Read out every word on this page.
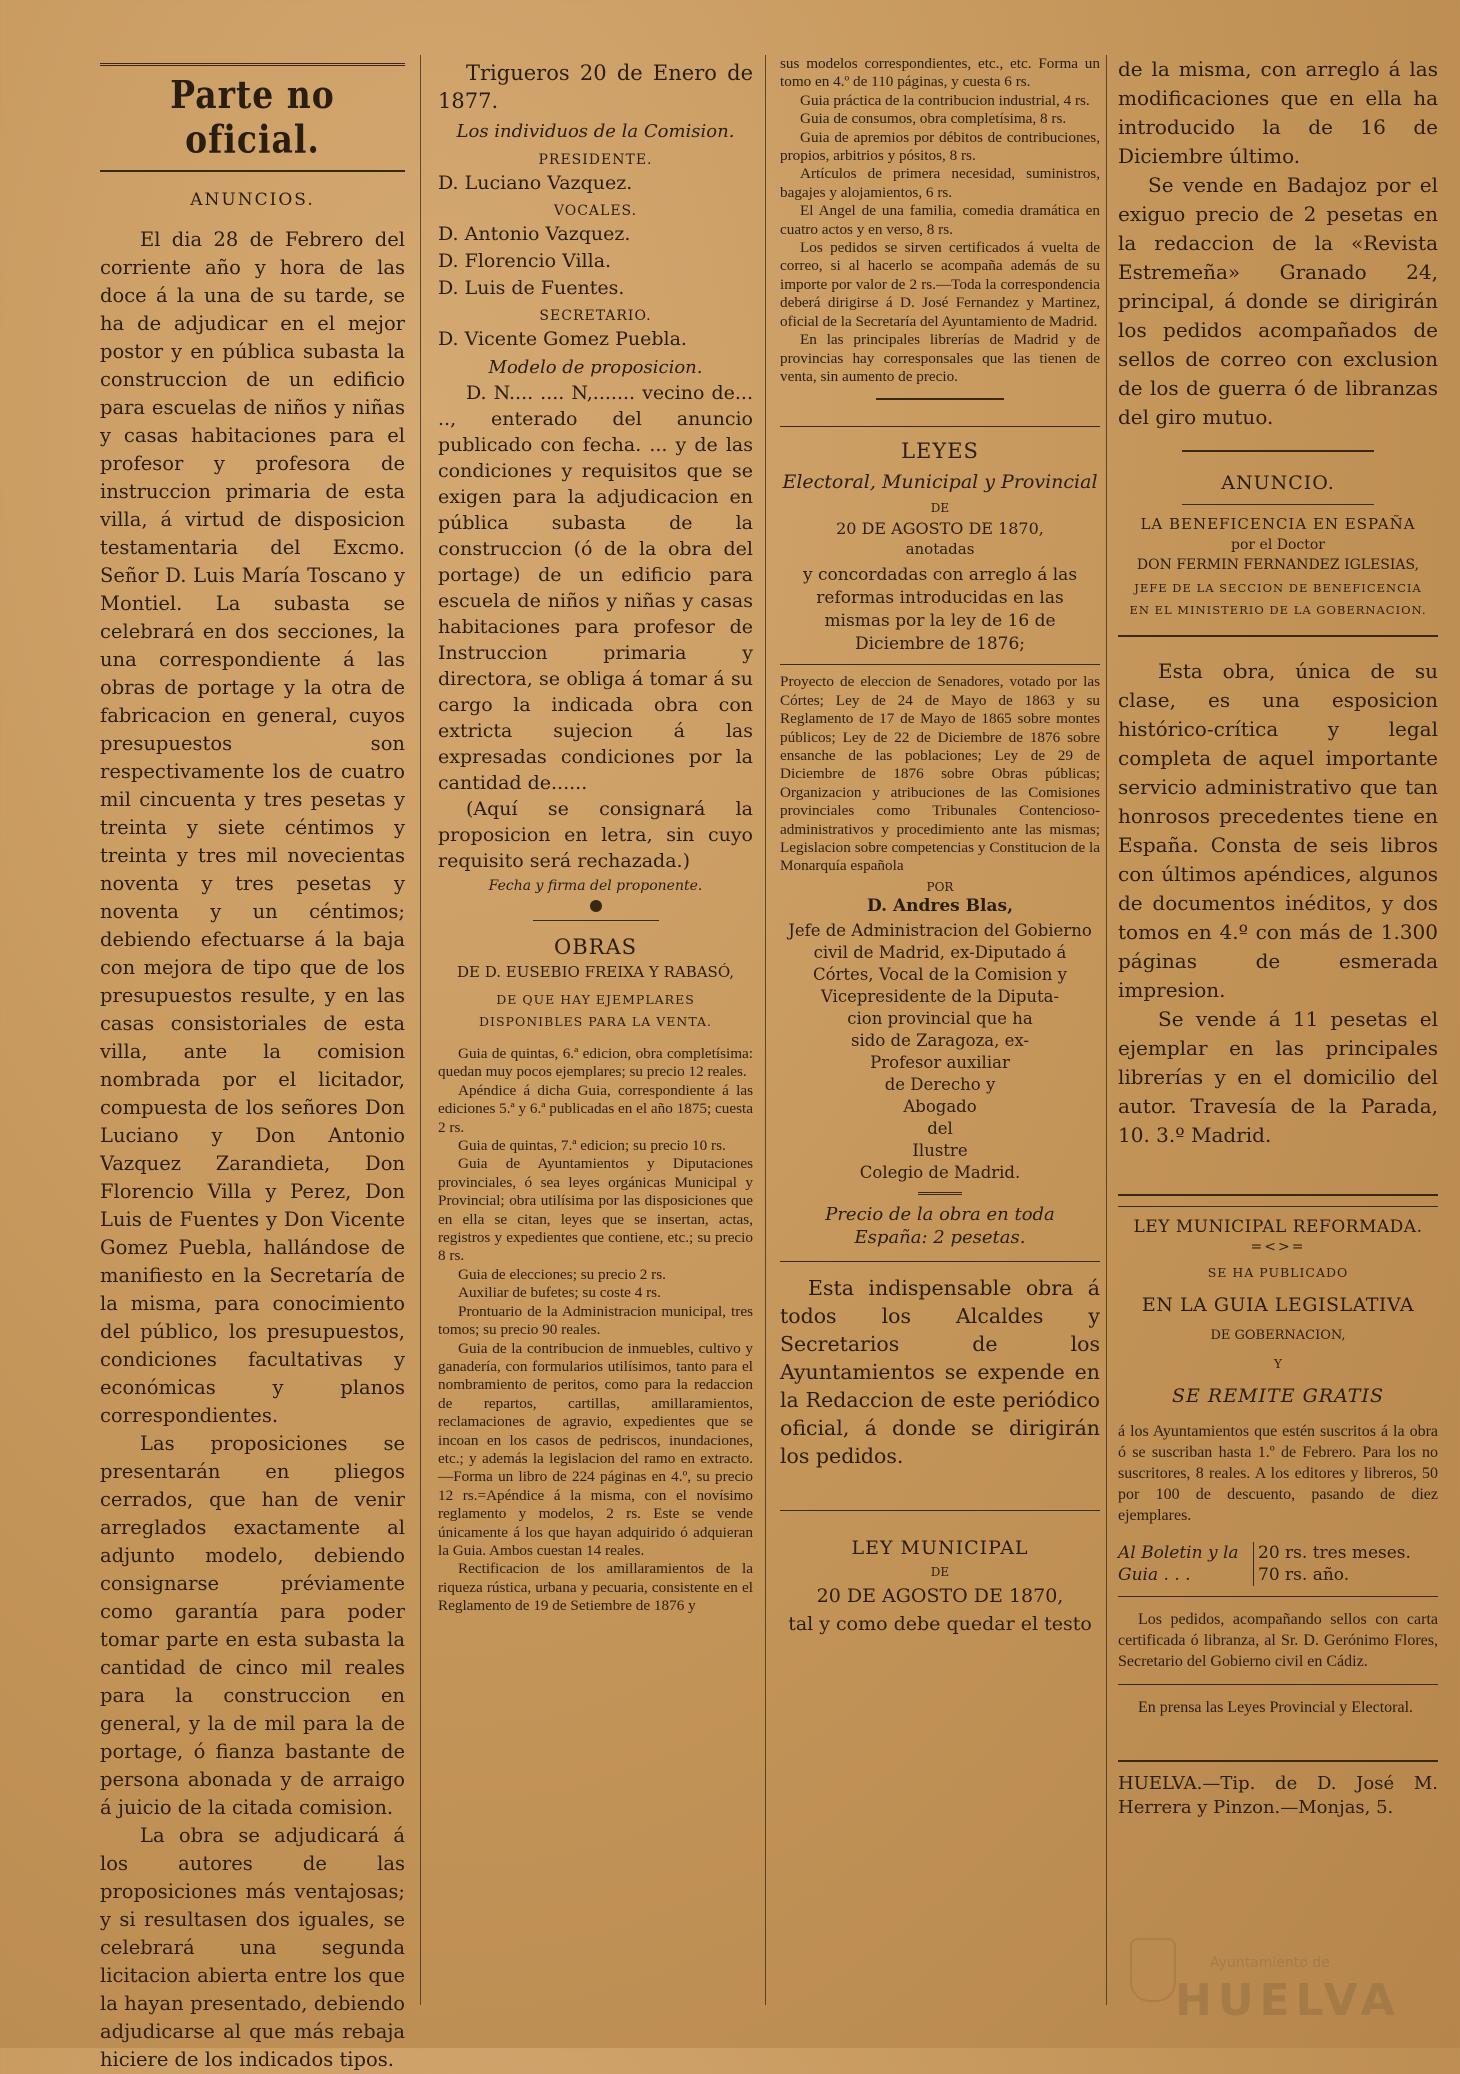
Parte no oficial.
ANUNCIOS.

El dia 28 de Febrero del corriente año y hora de las doce á la una de su tarde, se ha de adjudicar en el mejor postor y en pública subasta la construccion de un edificio para escuelas de niños y niñas y casas habitaciones para el profesor y profesora de instruccion primaria de esta villa, á virtud de disposicion testamentaria del Excmo. Señor D. Luis María Toscano y Montiel. La subasta se celebrará en dos secciones, la una correspondiente á las obras de portage y la otra de fabricacion en general, cuyos presupuestos son respectivamente los de cuatro mil cincuenta y tres pesetas y treinta y siete céntimos y treinta y tres mil novecientas noventa y tres pesetas y noventa y un céntimos; debiendo efectuarse á la baja con mejora de tipo que de los presupuestos resulte, y en las casas consistoriales de esta villa, ante la comision nombrada por el licitador, compuesta de los señores Don Luciano y Don Antonio Vazquez Zarandieta, Don Florencio Villa y Perez, Don Luis de Fuentes y Don Vicente Gomez Puebla, hallándose de manifiesto en la Secretaría de la misma, para conocimiento del público, los presupuestos, condiciones facultativas y económicas y planos correspondientes.

Las proposiciones se presentarán en pliegos cerrados, que han de venir arreglados exactamente al adjunto modelo, debiendo consignarse préviamente como garantía para poder tomar parte en esta subasta la cantidad de cinco mil reales para la construccion en general, y la de mil para la de portage, ó fianza bastante de persona abonada y de arraigo á juicio de la citada comision.

La obra se adjudicará á los autores de las proposiciones más ventajosas; y si resultasen dos iguales, se celebrará una segunda licitacion abierta entre los que la hayan presentado, debiendo adjudicarse al que más rebaja hiciere de los indicados tipos.

Trigueros 20 de Enero de 1877.

Los individuos de la Comision.

PRESIDENTE.
D. Luciano Vazquez.
VOCALES.
D. Antonio Vazquez.
D. Florencio Villa.
D. Luis de Fuentes.
SECRETARIO.
D. Vicente Gomez Puebla.

Modelo de proposicion.

D. N.... .... N,....... vecino de... .., enterado del anuncio publicado con fecha. ... y de las condiciones y requisitos que se exigen para la adjudicacion en pública subasta de la construccion (ó de la obra del portage) de un edificio para escuela de niños y niñas y casas habitaciones para profesor de Instruccion primaria y directora, se obliga á tomar á su cargo la indicada obra con extricta sujecion á las expresadas condiciones por la cantidad de......

(Aquí se consignará la proposicion en letra, sin cuyo requisito será rechazada.)

Fecha y firma del proponente.

OBRAS
DE D. EUSEBIO FREIXA Y RABASÓ,
DE QUE HAY EJEMPLARES DISPONIBLES PARA LA VENTA.

Guia de quintas, 6.ª edicion, obra completísima: quedan muy pocos ejemplares; su precio 12 reales.

Apéndice á dicha Guia, correspondiente á las ediciones 5.ª y 6.ª publicadas en el año 1875; cuesta 2 rs.

Guia de quintas, 7.ª edicion; su precio 10 rs.

Guia de Ayuntamientos y Diputaciones provinciales, ó sea leyes orgánicas Municipal y Provincial; obra utilísima por las disposiciones que en ella se citan, leyes que se insertan, actas, registros y expedientes que contiene, etc.; su precio 8 rs.

Guia de elecciones; su precio 2 rs.

Auxiliar de bufetes; su coste 4 rs.

Prontuario de la Administracion municipal, tres tomos; su precio 90 reales.

Guia de la contribucion de inmuebles, cultivo y ganadería, con formularios utilísimos, tanto para el nombramiento de peritos, como para la redaccion de repartos, cartillas, amillaramientos, reclamaciones de agravio, expedientes que se incoan en los casos de pedriscos, inundaciones, etc.; y además la legislacion del ramo en extracto.—Forma un libro de 224 páginas en 4.º, su precio 12 rs.=Apéndice á la misma, con el novísimo reglamento y modelos, 2 rs. Este se vende únicamente á los que hayan adquirido ó adquieran la Guia. Ambos cuestan 14 reales.

Rectificacion de los amillaramientos de la riqueza rústica, urbana y pecuaria, consistente en el Reglamento de 19 de Setiembre de 1876 y

sus modelos correspondientes, etc., etc. Forma un tomo en 4.º de 110 páginas, y cuesta 6 rs.

Guia práctica de la contribucion industrial, 4 rs.

Guia de consumos, obra completísima, 8 rs.

Guia de apremios por débitos de contribuciones, propios, arbitrios y pósitos, 8 rs.

Artículos de primera necesidad, suministros, bagajes y alojamientos, 6 rs.

El Angel de una familia, comedia dramática en cuatro actos y en verso, 8 rs.

Los pedidos se sirven certificados á vuelta de correo, si al hacerlo se acompaña además de su importe por valor de 2 rs.—Toda la correspondencia deberá dirigirse á D. José Fernandez y Martinez, oficial de la Secretaría del Ayuntamiento de Madrid.

En las principales librerías de Madrid y de provincias hay corresponsales que las tienen de venta, sin aumento de precio.

LEYES
Electoral, Municipal y Provincial
DE
20 DE AGOSTO DE 1870,
anotadas
y concordadas con arreglo á las reformas introducidas en las mismas por la ley de 16 de Diciembre de 1876;

Proyecto de eleccion de Senadores, votado por las Córtes; Ley de 24 de Mayo de 1863 y su Reglamento de 17 de Mayo de 1865 sobre montes públicos; Ley de 22 de Diciembre de 1876 sobre ensanche de las poblaciones; Ley de 29 de Diciembre de 1876 sobre Obras públicas; Organizacion y atribuciones de las Comisiones provinciales como Tribunales Contencioso-administrativos y procedimiento ante las mismas; Legislacion sobre competencias y Constitucion de la Monarquía española

POR
D. Andres Blas,
Jefe de Administracion del Gobierno
civil de Madrid, ex-Diputado á
Córtes, Vocal de la Comision y
Vicepresidente de la Diputa-
cion provincial que ha
sido de Zaragoza, ex-
Profesor auxiliar
de Derecho y
Abogado
del
Ilustre
Colegio de Madrid.
Precio de la obra en toda España: 2 pesetas.

Esta indispensable obra á todos los Alcaldes y Secretarios de los Ayuntamientos se expende en la Redaccion de este periódico oficial, á donde se dirigirán los pedidos.

LEY MUNICIPAL
DE
20 DE AGOSTO DE 1870,
tal y como debe quedar el testo

de la misma, con arreglo á las modificaciones que en ella ha introducido la de 16 de Diciembre último.

Se vende en Badajoz por el exiguo precio de 2 pesetas en la redaccion de la «Revista Estremeña» Granado 24, principal, á donde se dirigirán los pedidos acompañados de sellos de correo con exclusion de los de guerra ó de libranzas del giro mutuo.

ANUNCIO.
LA BENEFICENCIA EN ESPAÑA
por el Doctor
DON FERMIN FERNANDEZ IGLESIAS,
JEFE DE LA SECCION DE BENEFICENCIA EN EL MINISTERIO DE LA GOBERNACION.

Esta obra, única de su clase, es una esposicion histórico-crítica y legal completa de aquel importante servicio administrativo que tan honrosos precedentes tiene en España. Consta de seis libros con últimos apéndices, algunos de documentos inéditos, y dos tomos en 4.º con más de 1.300 páginas de esmerada impresion.

Se vende á 11 pesetas el ejemplar en las principales librerías y en el domicilio del autor. Travesía de la Parada, 10. 3.º Madrid.

LEY MUNICIPAL REFORMADA.
=<>=
SE HA PUBLICADO
EN LA GUIA LEGISLATIVA
DE GOBERNACION,
Y
SE REMITE GRATIS

á los Ayuntamientos que estén suscritos á la obra ó se suscriban hasta 1.º de Febrero. Para los no suscritores, 8 reales. A los editores y libreros, 50 por 100 de descuento, pasando de diez ejemplares.

Al Boletin y la
Guia . . .
20 rs. tres meses.
70 rs. año.

Los pedidos, acompañando sellos con carta certificada ó libranza, al Sr. D. Gerónimo Flores, Secretario del Gobierno civil en Cádiz.

En prensa las Leyes Provincial y Electoral.

HUELVA.—Tip. de D. José M. Herrera y Pinzon.—Monjas, 5.

Ayuntamiento de
HUELVA
